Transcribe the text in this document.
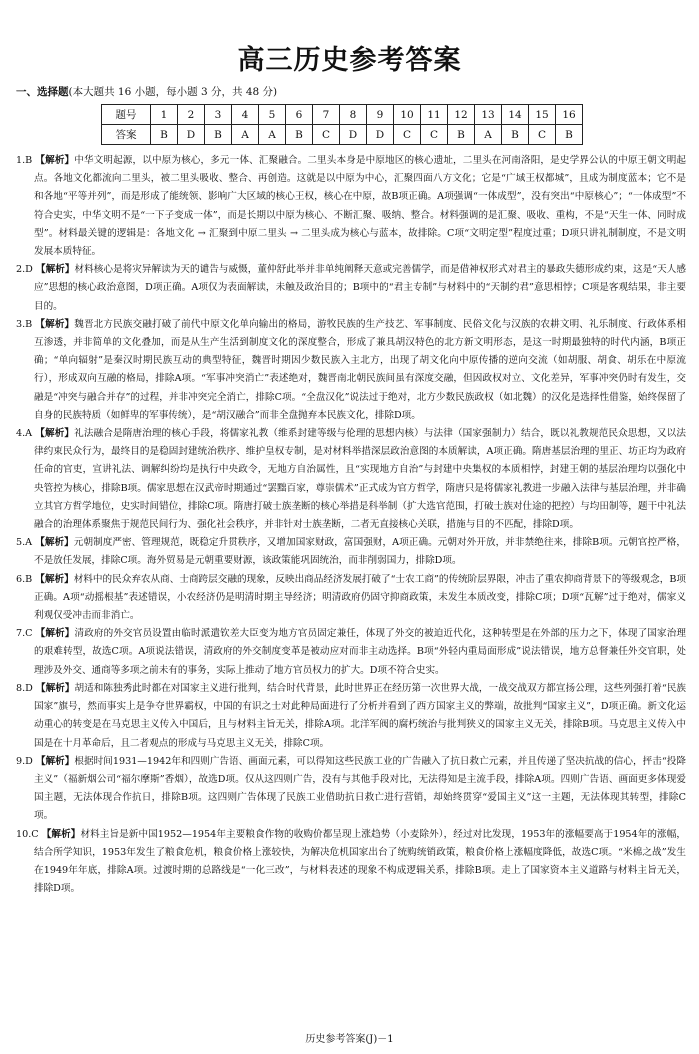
高三历史参考答案
一、选择题(本大题共 16 小题，每小题 3 分，共 48 分)
题号	1	2	3	4	5	6	7	8	9	10	11	12	13	14	15	16
答案	B	D	B	A	A	B	C	D	D	C	C	B	A	B	C	B

1.B 【解析】中华文明起源，以中原为核心，多元一体、汇聚融合。二里头本身是中原地区的核心遗址，二里头在河南洛阳，是史学界公认的中原王朝文明起点。各地文化都流向二里头，被二里头吸收、整合、再创造。这就是以中原为中心，汇聚四面八方文化；它是“广域王权都城”，且成为制度蓝本；它不是和各地“平等并列”，而是形成了能统领、影响广大区域的核心王权，核心在中原，故B项正确。A项强调“一体成型”，没有突出“中原核心”；“一体成型”不符合史实，中华文明不是“一下子变成一体”，而是长期以中原为核心、不断汇聚、吸纳、整合。材料强调的是汇聚、吸收、重构，不是“天生一体、同时成型”。材料最关键的逻辑是：各地文化 → 汇聚到中原二里头 → 二里头成为核心与蓝本，故排除。C项“文明定型”程度过重；D项只讲礼制制度，不是文明发展本质特征。

2.D 【解析】材料核心是将灾异解读为天的谴告与威慑，董仲舒此举并非单纯阐释天意或完善儒学，而是借神权形式对君主的暴政失德形成约束，这是“天人感应”思想的核心政治意图，D项正确。A项仅为表面解读，未触及政治目的；B项中的“君主专制”与材料中的“天制约君”意思相悖；C项是客观结果，非主要目的。

3.B 【解析】魏晋北方民族交融打破了前代中原文化单向输出的格局，游牧民族的生产技艺、军事制度、民俗文化与汉族的农耕文明、礼乐制度、行政体系相互渗透，并非简单的文化叠加，而是从生产生活到制度文化的深度整合，形成了兼具胡汉特色的北方新文明形态，是这一时期最独特的时代内涵，B项正确；“单向辐射”是秦汉时期民族互动的典型特征，魏晋时期因少数民族入主北方，出现了胡文化向中原传播的逆向交流（如胡服、胡食、胡乐在中原流行），形成双向互融的格局，排除A项。“军事冲突消亡”表述绝对，魏晋南北朝民族间虽有深度交融，但因政权对立、文化差异，军事冲突仍时有发生，交融是“冲突与融合并存”的过程，并非冲突完全消亡，排除C项。“全盘汉化”说法过于绝对，北方少数民族政权（如北魏）的汉化是选择性借鉴，始终保留了自身的民族特质（如鲜卑的军事传统），是“胡汉融合”而非全盘抛弃本民族文化，排除D项。

4.A 【解析】礼法融合是隋唐治理的核心手段，将儒家礼教（维系封建等级与伦理的思想内核）与法律（国家强制力）结合，既以礼教规范民众思想，又以法律约束民众行为，最终目的是稳固封建统治秩序、维护皇权专制，是对材料举措深层政治意图的本质解读，A项正确。隋唐基层治理的里正、坊正均为政府任命的官吏，宣讲礼法、调解纠纷均是执行中央政令，无地方自治属性，且“实现地方自治”与封建中央集权的本质相悖，封建王朝的基层治理均以强化中央管控为核心，排除B项。儒家思想在汉武帝时期通过“罢黜百家，尊崇儒术”正式成为官方哲学，隋唐只是将儒家礼教进一步融入法律与基层治理，并非确立其官方哲学地位，史实时间错位，排除C项。隋唐打破士族垄断的核心举措是科举制（扩大选官范围，打破士族对仕途的把控）与均田制等，题干中礼法融合的治理体系聚焦于规范民间行为、强化社会秩序，并非针对士族垄断，二者无直接核心关联，措施与目的不匹配，排除D项。

5.A 【解析】元朝制度严密、管理规范，既稳定升贯秩序，又增加国家财政，富国强财，A项正确。元朝对外开放，并非禁绝往来，排除B项。元朝官控严格，不是放任发展，排除C项。海外贸易是元朝重要财源，该政策能巩固统治，而非削弱国力，排除D项。

6.B 【解析】材料中的民众弃农从商、士商跨层交融的现象，反映出商品经济发展打破了“士农工商”的传统阶层界限，冲击了重农抑商背景下的等级观念，B项正确。A项“动摇根基”表述错误，小农经济仍是明清时期主导经济；明清政府仍固守抑商政策，未发生本质改变，排除C项；D项“瓦解”过于绝对，儒家义利观仅受冲击而非消亡。

7.C 【解析】清政府的外交官员设置由临时派遣钦差大臣变为地方官员固定兼任，体现了外交的被迫近代化，这种转型是在外部的压力之下，体现了国家治理的艰难转型，故选C项。A项说法错误，清政府的外交制度变革是被动应对而非主动选择。B项“外轻内重局面形成”说法错误，地方总督兼任外交官职，处理涉及外交、通商等多项之前未有的事务，实际上推动了地方官员权力的扩大。D项不符合史实。

8.D 【解析】胡适和陈独秀此时都在对国家主义进行批判，结合时代背景，此时世界正在经历第一次世界大战，一战交战双方都宣扬公理，这些列强打着“民族国家”旗号，然而事实上是争夺世界霸权，中国的有识之士对此种局面进行了分析并看到了西方国家主义的弊端，故批判“国家主义”，D项正确。新文化运动重心的转变是在马克思主义传入中国后，且与材料主旨无关，排除A项。北洋军阀的腐朽统治与批判狭义的国家主义无关，排除B项。马克思主义传入中国是在十月革命后，且二者观点的形成与马克思主义无关，排除C项。

9.D 【解析】根据时间1931—1942年和四则广告语、画面元素，可以得知这些民族工业的广告融入了抗日救亡元素，并且传递了坚决抗战的信心，抨击“投降主义”（福新烟公司“福尔摩斯”香烟），故选D项。仅从这四则广告，没有与其他手段对比，无法得知是主流手段，排除A项。四则广告语、画面更多体现爱国主题，无法体现合作抗日，排除B项。这四则广告体现了民族工业借助抗日救亡进行营销，却始终贯穿“爱国主义”这一主题，无法体现其转型，排除C项。

10.C 【解析】材料主旨是新中国1952—1954年主要粮食作物的收购价都呈现上涨趋势（小麦除外），经过对比发现，1953年的涨幅要高于1954年的涨幅，结合所学知识，1953年发生了粮食危机，粮食价格上涨较快，为解决危机国家出台了统购统销政策，粮食价格上涨幅度降低，故选C项。“米棉之战”发生在1949年年底，排除A项。过渡时期的总路线是“一化三改”，与材料表述的现象不构成逻辑关系，排除B项。走上了国家资本主义道路与材料主旨无关，排除D项。

历史参考答案(J)－1
